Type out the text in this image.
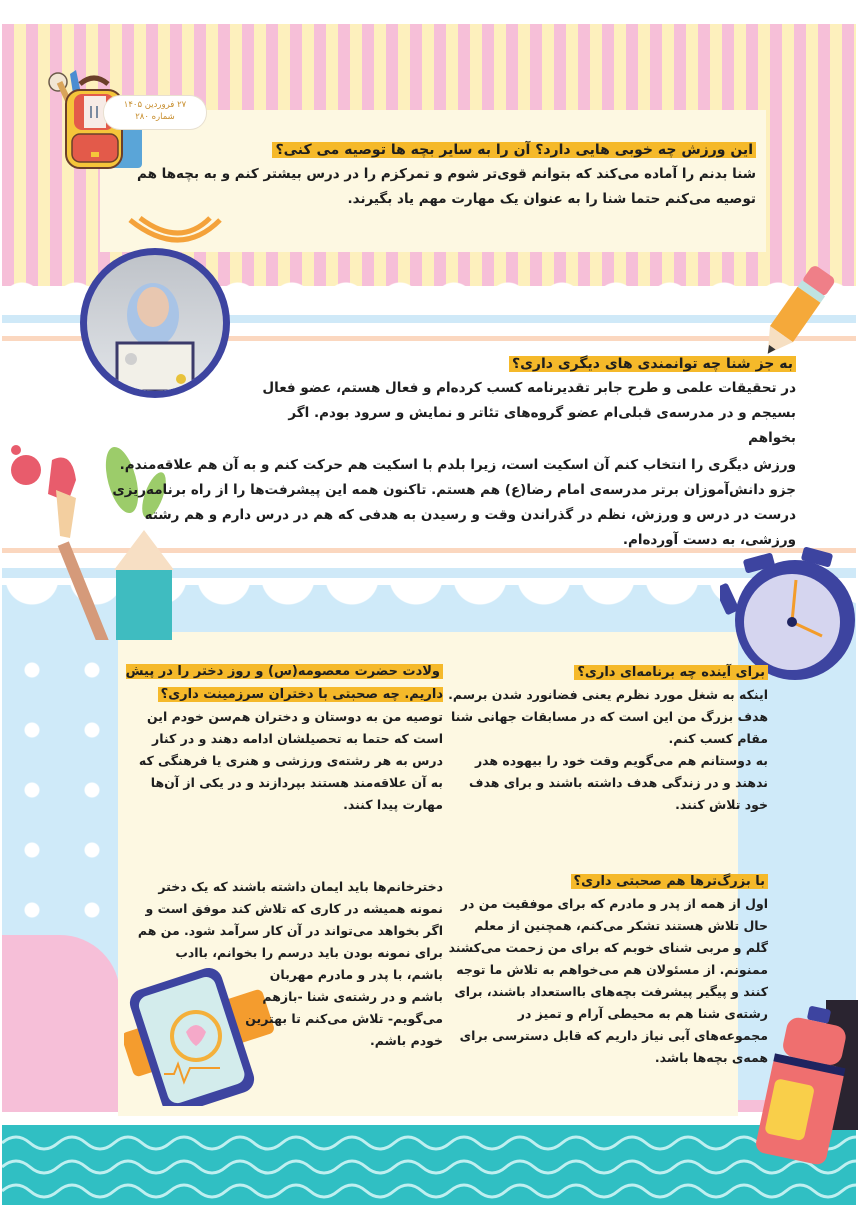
۲۷ فروردین ۱۴۰۵
شماره ۲۸۰
این ورزش چه خوبی هایی دارد؟ آن را به سایر بچه ها توصیه می کنی؟

شنا بدنم را آماده می‌کند که بتوانم قوی‌تر شوم و تمرکزم را در درس بیشتر کنم و به بچه‌ها هم توصیه می‌کنم حتما شنا را به عنوان یک مهارت مهم یاد بگیرند.

به جز شنا چه توانمندی های دیگری داری؟

در تحقیقات علمی و طرح جابر تقدیرنامه کسب کرده‌ام و فعال هستم، عضو فعال بسیجم و در مدرسه‌ی قبلی‌ام عضو گروه‌های تئاتر و نمایش و سرود بودم. اگر بخواهم

ورزش دیگری را انتخاب کنم آن اسکیت است، زیرا بلدم با اسکیت هم حرکت کنم و به آن هم علاقه‌مندم. جزو دانش‌آموزان برتر مدرسه‌ی امام رضا(ع) هم هستم. تاکنون همه این پیشرفت‌ها را از راه برنامه‌ریزی درست در درس و ورزش، نظم در گذراندن وقت و رسیدن به هدفی که هم در درس دارم و هم رشته ورزشی، به دست آورده‌ام.

برای آینده چه برنامه‌ای داری؟

اینکه به شغل مورد نظرم یعنی فضانورد شدن برسم. هدف بزرگ من این است که در مسابقات جهانی شنا مقام کسب کنم.

به دوستانم هم می‌گویم وقت خود را بیهوده هدر ندهند و در زندگی هدف داشته باشند و برای هدف خود تلاش کنند.

با بزرگ‌ترها هم صحبتی داری؟

اول از همه از پدر و مادرم که برای موفقیت من در حال تلاش هستند تشکر می‌کنم، همچنین از معلم گلم و مربی شنای خوبم که برای من زحمت می‌کشند ممنونم. از مسئولان هم می‌خواهم به تلاش ما توجه کنند و پیگیر پیشرفت بچه‌های بااستعداد باشند، برای رشته‌ی شنا هم به محیطی آرام و تمیز در مجموعه‌های آبی نیاز داریم که قابل دسترسی برای همه‌ی بچه‌ها باشد.

ولادت حضرت معصومه(س) و روز دختر را در پیش داریم. چه صحبتی با دختران سرزمینت داری؟

توصیه من به دوستان و دختران هم‌سن خودم این است که حتما به تحصیلشان ادامه دهند و در کنار درس به هر رشته‌ی ورزشی و هنری یا فرهنگی که به آن علاقه‌مند هستند بپردازند و در یکی از آن‌ها مهارت پیدا کنند.

دخترخانم‌ها باید ایمان داشته باشند که یک دختر نمونه همیشه در کاری که تلاش کند موفق است و اگر بخواهد می‌تواند در آن کار سرآمد شود. من هم برای نمونه بودن باید درسم را بخوانم، باادب

باشم، با پدر و مادرم مهربان باشم و در رشته‌ی شنا -بازهم می‌گویم- تلاش می‌کنم تا بهترین خودم باشم.
